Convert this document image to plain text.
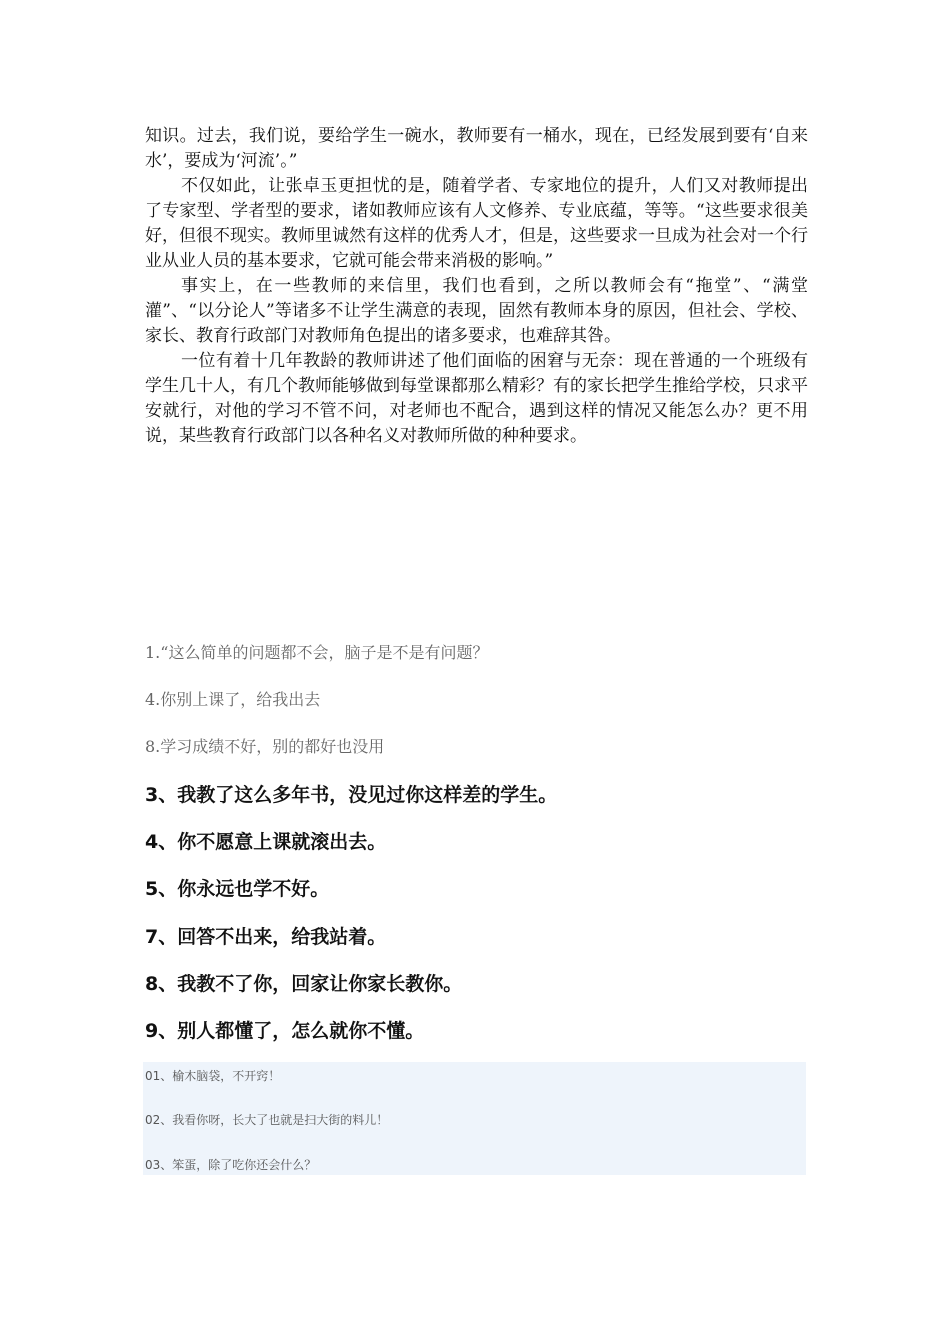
知识。过去，我们说，要给学生一碗水，教师要有一桶水，现在，已经发展到要有‘自来水’，要成为‘河流’。”

不仅如此，让张卓玉更担忧的是，随着学者、专家地位的提升，人们又对教师提出了专家型、学者型的要求，诸如教师应该有人文修养、专业底蕴，等等。“这些要求很美好，但很不现实。教师里诚然有这样的优秀人才，但是，这些要求一旦成为社会对一个行业从业人员的基本要求，它就可能会带来消极的影响。”

事实上，在一些教师的来信里，我们也看到，之所以教师会有“拖堂”、“满堂灌”、“以分论人”等诸多不让学生满意的表现，固然有教师本身的原因，但社会、学校、家长、教育行政部门对教师角色提出的诸多要求，也难辞其咎。

一位有着十几年教龄的教师讲述了他们面临的困窘与无奈：现在普通的一个班级有学生几十人，有几个教师能够做到每堂课都那么精彩？有的家长把学生推给学校，只求平安就行，对他的学习不管不问，对老师也不配合，遇到这样的情况又能怎么办？更不用说，某些教育行政部门以各种名义对教师所做的种种要求。

1.“这么简单的问题都不会，脑子是不是有问题？

4.你别上课了，给我出去

8.学习成绩不好，别的都好也没用

3、我教了这么多年书，没见过你这样差的学生。

4、你不愿意上课就滚出去。

5、你永远也学不好。

7、回答不出来，给我站着。

8、我教不了你，回家让你家长教你。

9、别人都懂了，怎么就你不懂。

01、榆木脑袋，不开窍！

02、我看你呀，长大了也就是扫大街的料儿！

03、笨蛋，除了吃你还会什么？
